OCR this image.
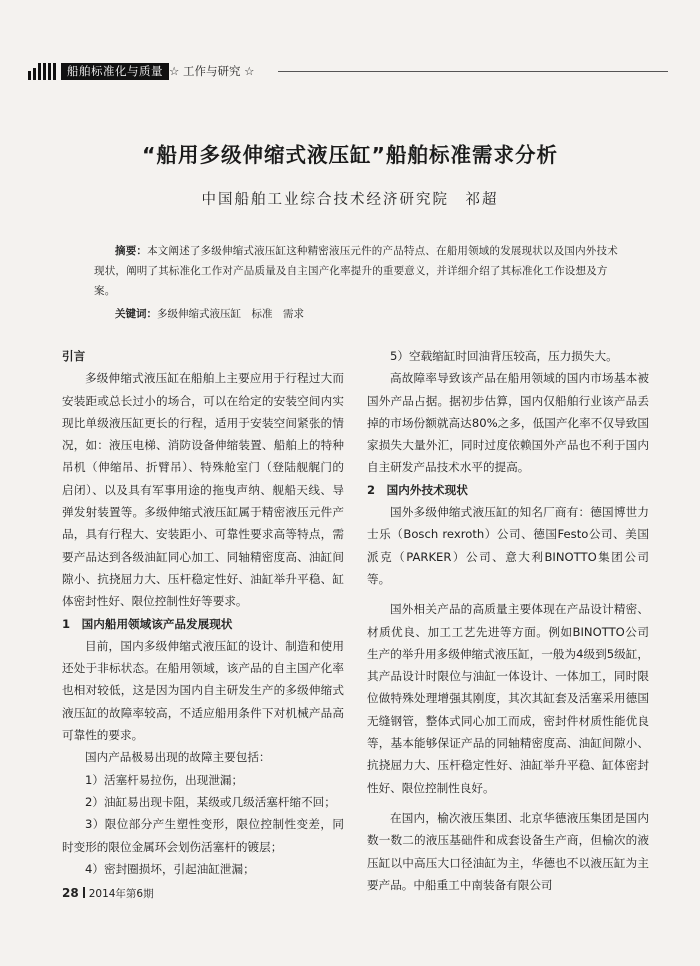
船舶标准化与质量 ☆ 工作与研究 ☆
“船用多级伸缩式液压缸”船舶标准需求分析
中国船舶工业综合技术经济研究院　祁超
摘要：本文阐述了多级伸缩式液压缸这种精密液压元件的产品特点、在船用领域的发展现状以及国内外技术现状，阐明了其标准化工作对产品质量及自主国产化率提升的重要意义，并详细介绍了其标准化工作设想及方案。
关键词：多级伸缩式液压缸　标准　需求

引言

多级伸缩式液压缸在船舶上主要应用于行程过大而安装距或总长过小的场合，可以在给定的安装空间内实现比单级液压缸更长的行程，适用于安装空间紧张的情况，如：液压电梯、消防设备伸缩装置、船舶上的特种吊机（伸缩吊、折臂吊）、特殊舱室门（登陆舰艉门的启闭）、以及具有军事用途的拖曳声纳、舰船天线、导弹发射装置等。多级伸缩式液压缸属于精密液压元件产品，具有行程大、安装距小、可靠性要求高等特点，需要产品达到各级油缸同心加工、同轴精密度高、油缸间隙小、抗挠屈力大、压杆稳定性好、油缸举升平稳、缸体密封性好、限位控制性好等要求。

1　国内船用领域该产品发展现状

目前，国内多级伸缩式液压缸的设计、制造和使用还处于非标状态。在船用领域，该产品的自主国产化率也相对较低，这是因为国内自主研发生产的多级伸缩式液压缸的故障率较高，不适应船用条件下对机械产品高可靠性的要求。

国内产品极易出现的故障主要包括：

1）活塞杆易拉伤，出现泄漏；

2）油缸易出现卡阻，某级或几级活塞杆缩不回；

3）限位部分产生塑性变形，限位控制性变差，同时变形的限位金属环会划伤活塞杆的镀层；

4）密封圈损坏，引起油缸泄漏；

5）空载缩缸时回油背压较高，压力损失大。

高故障率导致该产品在船用领域的国内市场基本被国外产品占据。据初步估算，国内仅船舶行业该产品丢掉的市场份额就高达80%之多，低国产化率不仅导致国家损失大量外汇，同时过度依赖国外产品也不利于国内自主研发产品技术水平的提高。

2　国内外技术现状

国外多级伸缩式液压缸的知名厂商有：德国博世力士乐（Bosch rexroth）公司、德国Festo公司、美国派克（PARKER）公司、意大利BINOTTO集团公司等。

国外相关产品的高质量主要体现在产品设计精密、材质优良、加工工艺先进等方面。例如BINOTTO公司生产的举升用多级伸缩式液压缸，一般为4级到5级缸，其产品设计时限位与油缸一体设计、一体加工，同时限位做特殊处理增强其刚度，其次其缸套及活塞采用德国无缝钢管，整体式同心加工而成，密封件材质性能优良等，基本能够保证产品的同轴精密度高、油缸间隙小、抗挠屈力大、压杆稳定性好、油缸举升平稳、缸体密封性好、限位控制性良好。

在国内，榆次液压集团、北京华德液压集团是国内数一数二的液压基础件和成套设备生产商，但榆次的液压缸以中高压大口径油缸为主，华德也不以液压缸为主要产品。中船重工中南装备有限公司

28 2014年第6期
